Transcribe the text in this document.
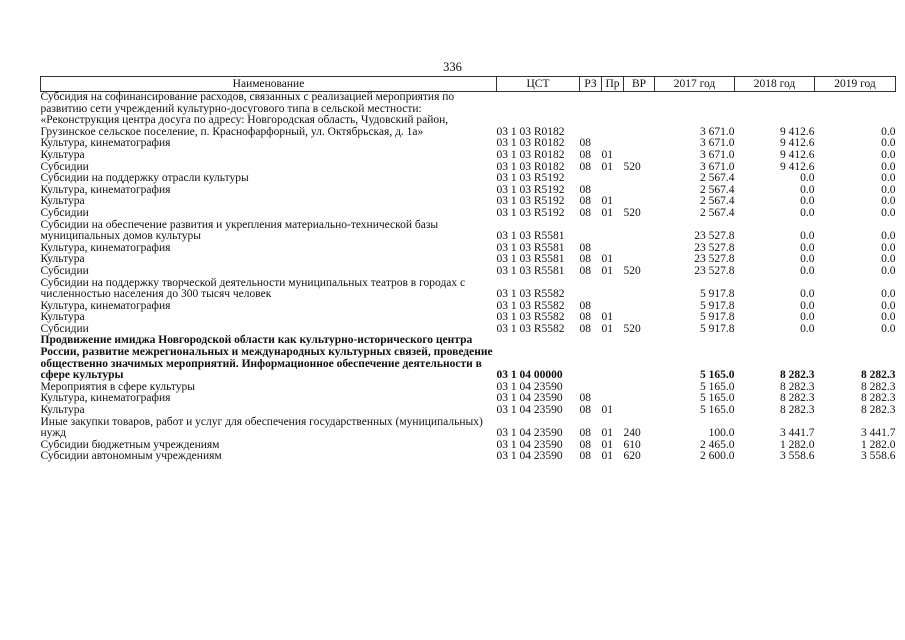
336
Наименование	ЦСТ	РЗ	Пр	ВР	2017 год	2018 год	2019 год
Субсидия на софинансирование расходов, связанных с реализацией мероприятия по развитию сети учреждений культурно-досугового типа в сельской местности: «Реконструкция центра досуга по адресу: Новгородская область, Чудовский район, Грузинское сельское поселение, п. Краснофарфорный, ул. Октябрьская, д. 1а»	03 1 03 R0182				3 671.0	9 412.6	0.0
Культура, кинематография	03 1 03 R0182	08			3 671.0	9 412.6	0.0
Культура	03 1 03 R0182	08	01		3 671.0	9 412.6	0.0
Субсидии	03 1 03 R0182	08	01	520	3 671.0	9 412.6	0.0
Субсидии на поддержку отрасли культуры	03 1 03 R5192				2 567.4	0.0	0.0
Культура, кинематография	03 1 03 R5192	08			2 567.4	0.0	0.0
Культура	03 1 03 R5192	08	01		2 567.4	0.0	0.0
Субсидии	03 1 03 R5192	08	01	520	2 567.4	0.0	0.0
Субсидии на обеспечение развития и укрепления материально-технической базы муниципальных домов культуры	03 1 03 R5581				23 527.8	0.0	0.0
Культура, кинематография	03 1 03 R5581	08			23 527.8	0.0	0.0
Культура	03 1 03 R5581	08	01		23 527.8	0.0	0.0
Субсидии	03 1 03 R5581	08	01	520	23 527.8	0.0	0.0
Субсидии на поддержку творческой деятельности муниципальных театров в городах с численностью населения до 300 тысяч человек	03 1 03 R5582				5 917.8	0.0	0.0
Культура, кинематография	03 1 03 R5582	08			5 917.8	0.0	0.0
Культура	03 1 03 R5582	08	01		5 917.8	0.0	0.0
Субсидии	03 1 03 R5582	08	01	520	5 917.8	0.0	0.0
Продвижение имиджа Новгородской области как культурно-исторического центра России, развитие межрегиональных и международных культурных связей, проведение общественно значимых мероприятий. Информационное обеспечение деятельности в сфере культуры	03 1 04 00000				5 165.0	8 282.3	8 282.3
Мероприятия в сфере культуры	03 1 04 23590				5 165.0	8 282.3	8 282.3
Культура, кинематография	03 1 04 23590	08			5 165.0	8 282.3	8 282.3
Культура	03 1 04 23590	08	01		5 165.0	8 282.3	8 282.3
Иные закупки товаров, работ и услуг для обеспечения государственных (муниципальных) нужд	03 1 04 23590	08	01	240	100.0	3 441.7	3 441.7
Субсидии бюджетным учреждениям	03 1 04 23590	08	01	610	2 465.0	1 282.0	1 282.0
Субсидии автономным учреждениям	03 1 04 23590	08	01	620	2 600.0	3 558.6	3 558.6
